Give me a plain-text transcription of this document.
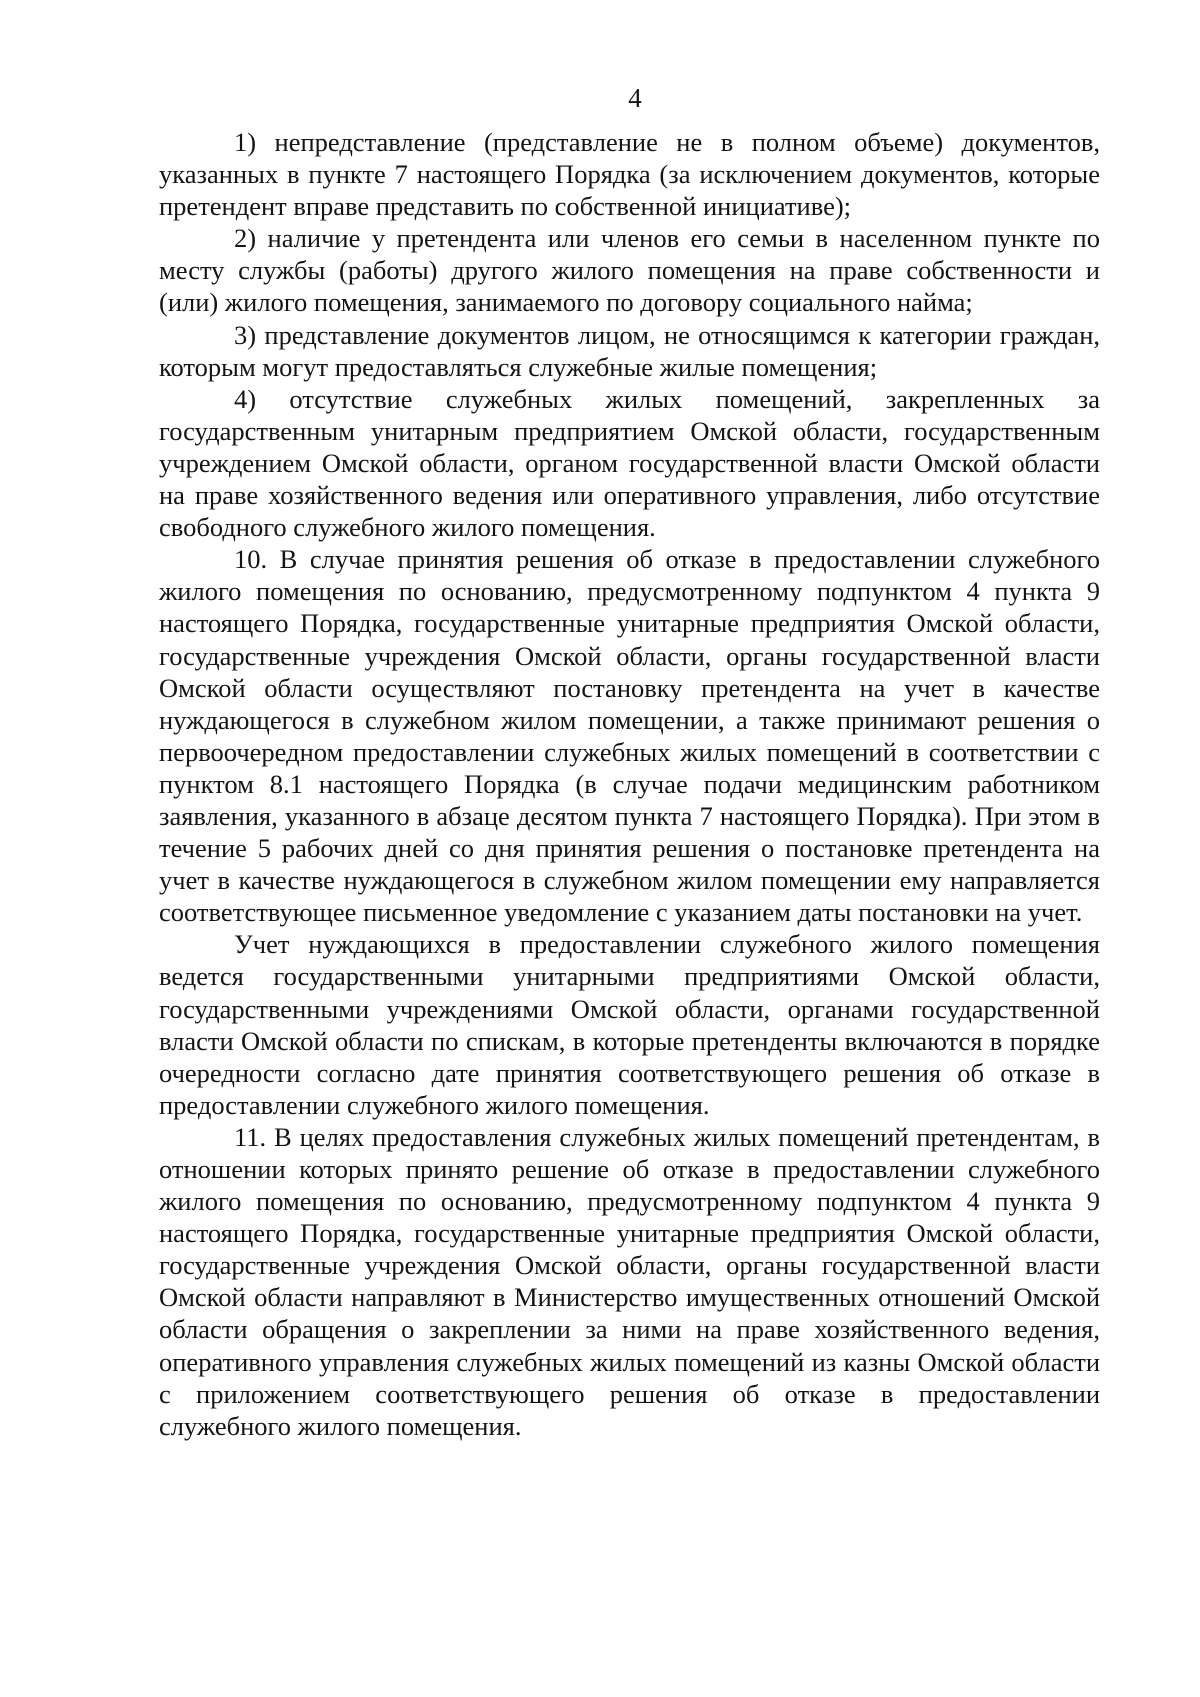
4

1) непредставление (представление не в полном объеме) документов, указанных в пункте 7 настоящего Порядка (за исключением документов, которые претендент вправе представить по собственной инициативе);

2) наличие у претендента или членов его семьи в населенном пункте по месту службы (работы) другого жилого помещения на праве собственности и (или) жилого помещения, занимаемого по договору социального найма;

3) представление документов лицом, не относящимся к категории граждан, которым могут предоставляться служебные жилые помещения;

4) отсутствие служебных жилых помещений, закрепленных за государственным унитарным предприятием Омской области, государственным учреждением Омской области, органом государственной власти Омской области на праве хозяйственного ведения или оперативного управления, либо отсутствие свободного служебного жилого помещения.

10. В случае принятия решения об отказе в предоставлении служебного жилого помещения по основанию, предусмотренному подпунктом 4 пункта 9 настоящего Порядка, государственные унитарные предприятия Омской области, государственные учреждения Омской области, органы государственной власти Омской области осуществляют постановку претендента на учет в качестве нуждающегося в служебном жилом помещении, а также принимают решения о первоочередном предоставлении служебных жилых помещений в соответствии с пунктом 8.1 настоящего Порядка (в случае подачи медицинским работником заявления, указанного в абзаце десятом пункта 7 настоящего Порядка). При этом в течение 5 рабочих дней со дня принятия решения о постановке претендента на учет в качестве нуждающегося в служебном жилом помещении ему направляется соответствующее письменное уведомление с указанием даты постановки на учет.

Учет нуждающихся в предоставлении служебного жилого помещения ведется государственными унитарными предприятиями Омской области, государственными учреждениями Омской области, органами государственной власти Омской области по спискам, в которые претенденты включаются в порядке очередности согласно дате принятия соответствующего решения об отказе в предоставлении служебного жилого помещения.

11. В целях предоставления служебных жилых помещений претендентам, в отношении которых принято решение об отказе в предоставлении служебного жилого помещения по основанию, предусмотренному подпунктом 4 пункта 9 настоящего Порядка, государственные унитарные предприятия Омской области, государственные учреждения Омской области, органы государственной власти Омской области направляют в Министерство имущественных отношений Омской области обращения о закреплении за ними на праве хозяйственного ведения, оперативного управления служебных жилых помещений из казны Омской области с приложением соответствующего решения об отказе в предоставлении служебного жилого помещения.
